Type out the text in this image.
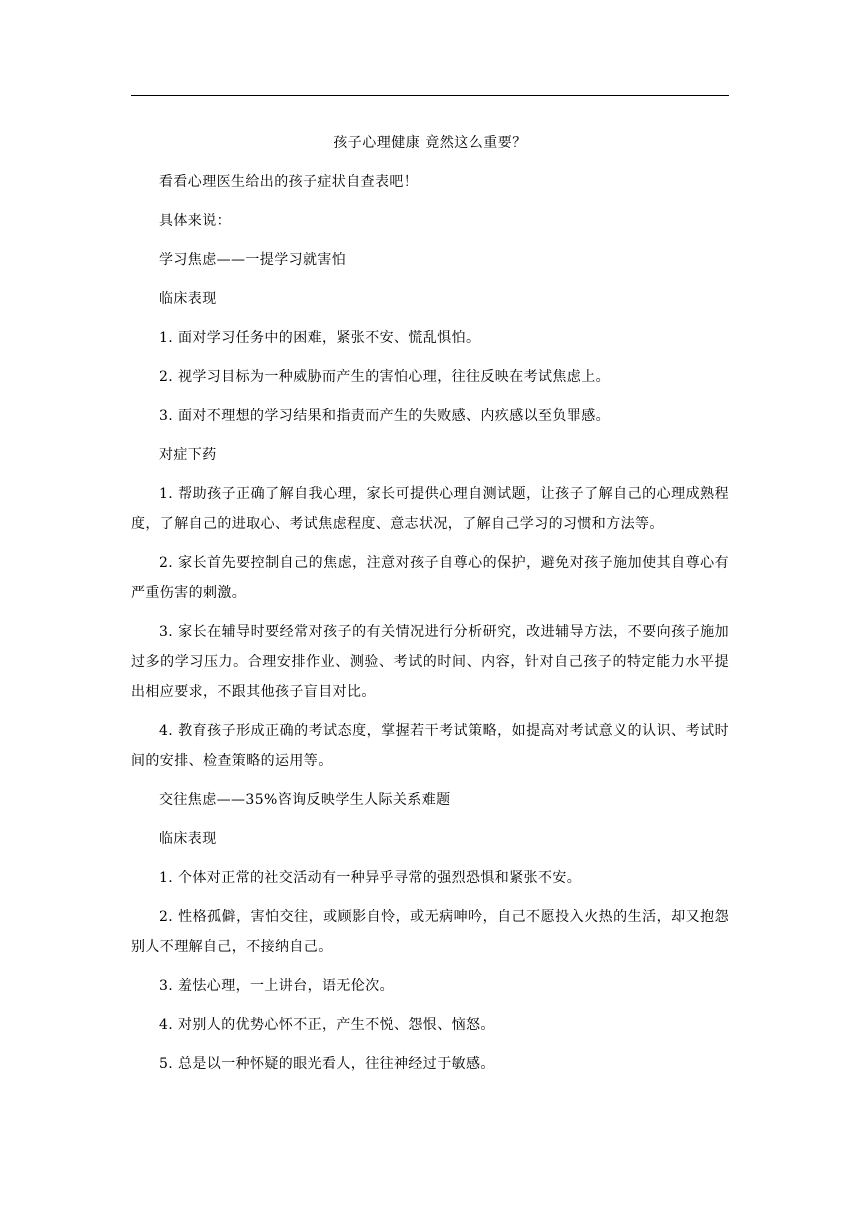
孩子心理健康 竟然这么重要？

看看心理医生给出的孩子症状自查表吧！

具体来说：

学习焦虑——一提学习就害怕

临床表现

1. 面对学习任务中的困难，紧张不安、慌乱惧怕。

2. 视学习目标为一种威胁而产生的害怕心理，往往反映在考试焦虑上。

3. 面对不理想的学习结果和指责而产生的失败感、内疚感以至负罪感。

对症下药

1. 帮助孩子正确了解自我心理，家长可提供心理自测试题，让孩子了解自己的心理成熟程度，了解自己的进取心、考试焦虑程度、意志状况，了解自己学习的习惯和方法等。

2. 家长首先要控制自己的焦虑，注意对孩子自尊心的保护，避免对孩子施加使其自尊心有严重伤害的刺激。

3. 家长在辅导时要经常对孩子的有关情况进行分析研究，改进辅导方法，不要向孩子施加过多的学习压力。合理安排作业、测验、考试的时间、内容，针对自己孩子的特定能力水平提出相应要求，不跟其他孩子盲目对比。

4. 教育孩子形成正确的考试态度，掌握若干考试策略，如提高对考试意义的认识、考试时间的安排、检查策略的运用等。

交往焦虑——35%咨询反映学生人际关系难题

临床表现

1. 个体对正常的社交活动有一种异乎寻常的强烈恐惧和紧张不安。

2. 性格孤僻，害怕交往，或顾影自怜，或无病呻吟，自己不愿投入火热的生活，却又抱怨别人不理解自己，不接纳自己。

3. 羞怯心理，一上讲台，语无伦次。

4. 对别人的优势心怀不正，产生不悦、怨恨、恼怒。

5. 总是以一种怀疑的眼光看人，往往神经过于敏感。
